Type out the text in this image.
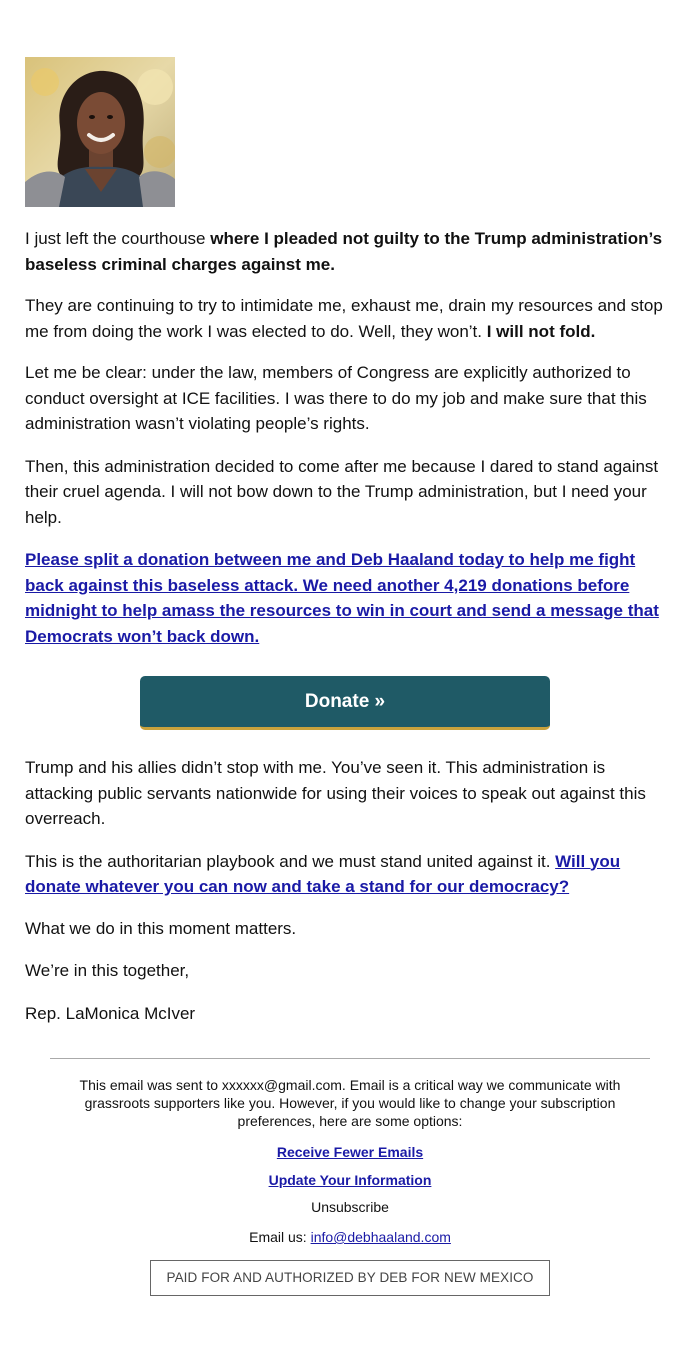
I just left the courthouse where I pleaded not guilty to the Trump administration’s baseless criminal charges against me.

They are continuing to try to intimidate me, exhaust me, drain my resources and stop me from doing the work I was elected to do. Well, they won’t. I will not fold.

Let me be clear: under the law, members of Congress are explicitly authorized to conduct oversight at ICE facilities. I was there to do my job and make sure that this administration wasn’t violating people’s rights.

Then, this administration decided to come after me because I dared to stand against their cruel agenda. I will not bow down to the Trump administration, but I need your help.

Please split a donation between me and Deb Haaland today to help me fight back against this baseless attack. We need another 4,219 donations before midnight to help amass the resources to win in court and send a message that Democrats won’t back down.

Donate »

Trump and his allies didn’t stop with me. You’ve seen it. This administration is attacking public servants nationwide for using their voices to speak out against this overreach.

This is the authoritarian playbook and we must stand united against it. Will you donate whatever you can now and take a stand for our democracy?

What we do in this moment matters.

We’re in this together,

Rep. LaMonica McIver

This email was sent to xxxxxx@gmail.com. Email is a critical way we communicate with grassroots supporters like you. However, if you would like to change your subscription preferences, here are some options:
Receive Fewer Emails
Update Your Information
Unsubscribe
Email us: info@debhaaland.com
PAID FOR AND AUTHORIZED BY DEB FOR NEW MEXICO
